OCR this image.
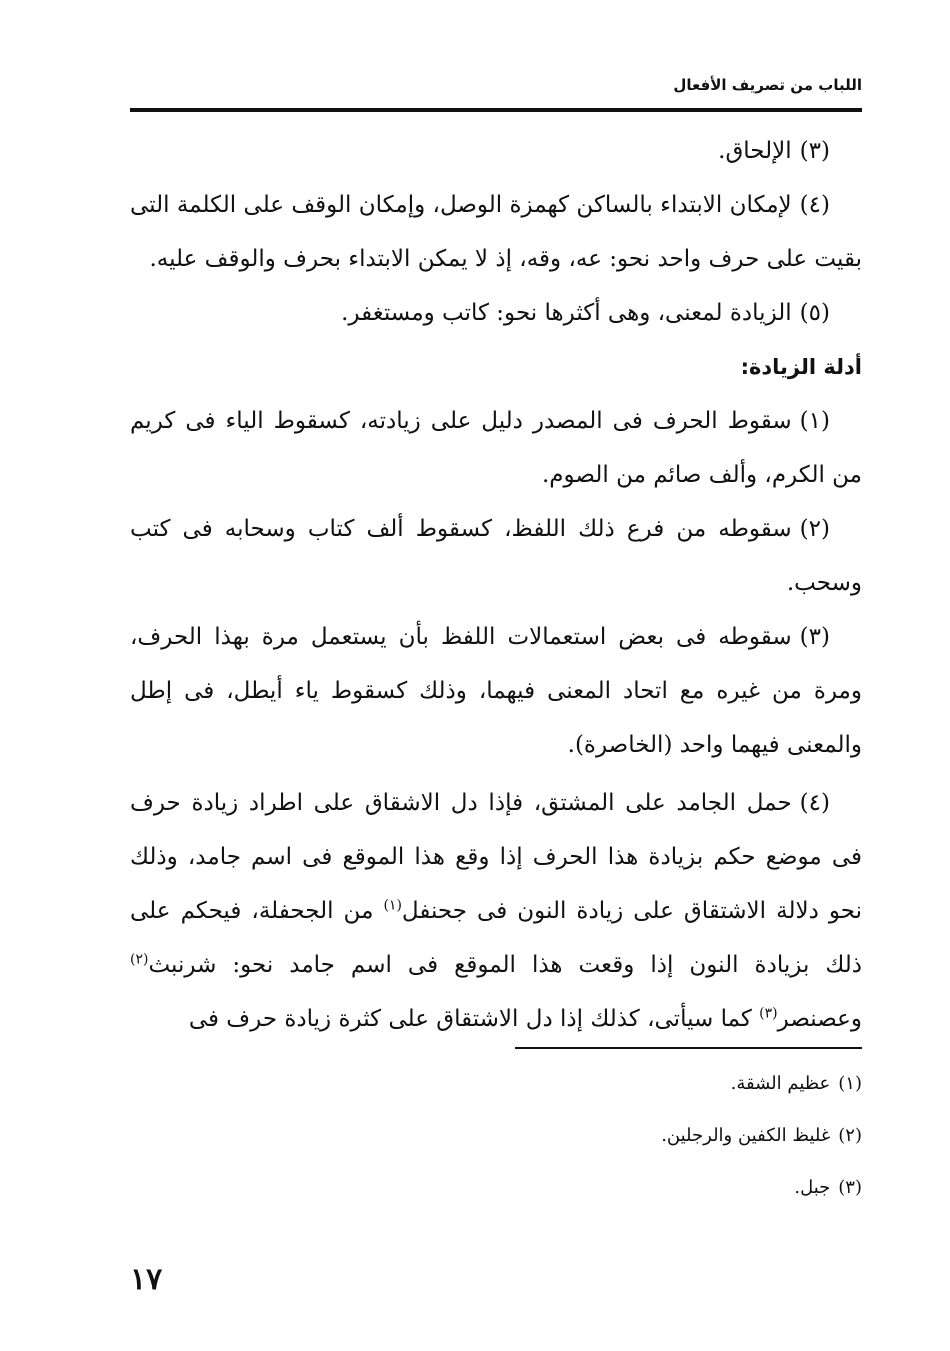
اللباب من تصريف الأفعال

(٣)الإلحاق.

(٤)لإمكان الابتداء بالساكن كهمزة الوصل، وإمكان الوقف على الكلمة التى بقيت على حرف واحد نحو: عه، وقه، إذ لا يمكن الابتداء بحرف والوقف عليه.

(٥)الزيادة لمعنى، وهى أكثرها نحو: كاتب ومستغفر.

أدلة الزيادة:

(١)سقوط الحرف فى المصدر دليل على زيادته، كسقوط الياء فى كريم من الكرم، وألف صائم من الصوم.

(٢)سقوطه من فرع ذلك اللفظ، كسقوط ألف كتاب وسحابه فى كتب وسحب.

(٣)سقوطه فى بعض استعمالات اللفظ بأن يستعمل مرة بهذا الحرف، ومرة من غيره مع اتحاد المعنى فيهما، وذلك كسقوط ياء أيطل، فى إطل والمعنى فيهما واحد (الخاصرة).

(٤)حمل الجامد على المشتق، فإذا دل الاشقاق على اطراد زيادة حرف فى موضع حكم بزيادة هذا الحرف إذا وقع هذا الموقع فى اسم جامد، وذلك نحو دلالة الاشتقاق على زيادة النون فى جحنفل$^{(١)}$ من الجحفلة، فيحكم على ذلك بزيادة النون إذا وقعت هذا الموقع فى اسم جامد نحو: شرنبث$^{(٢)}$ وعصنصر$^{(٣)}$ كما سيأتى، كذلك إذا دل الاشتقاق على كثرة زيادة حرف فى

(١)عظيم الشقة.

(٢)غليظ الكفين والرجلين.

(٣)جبل.

١٧
